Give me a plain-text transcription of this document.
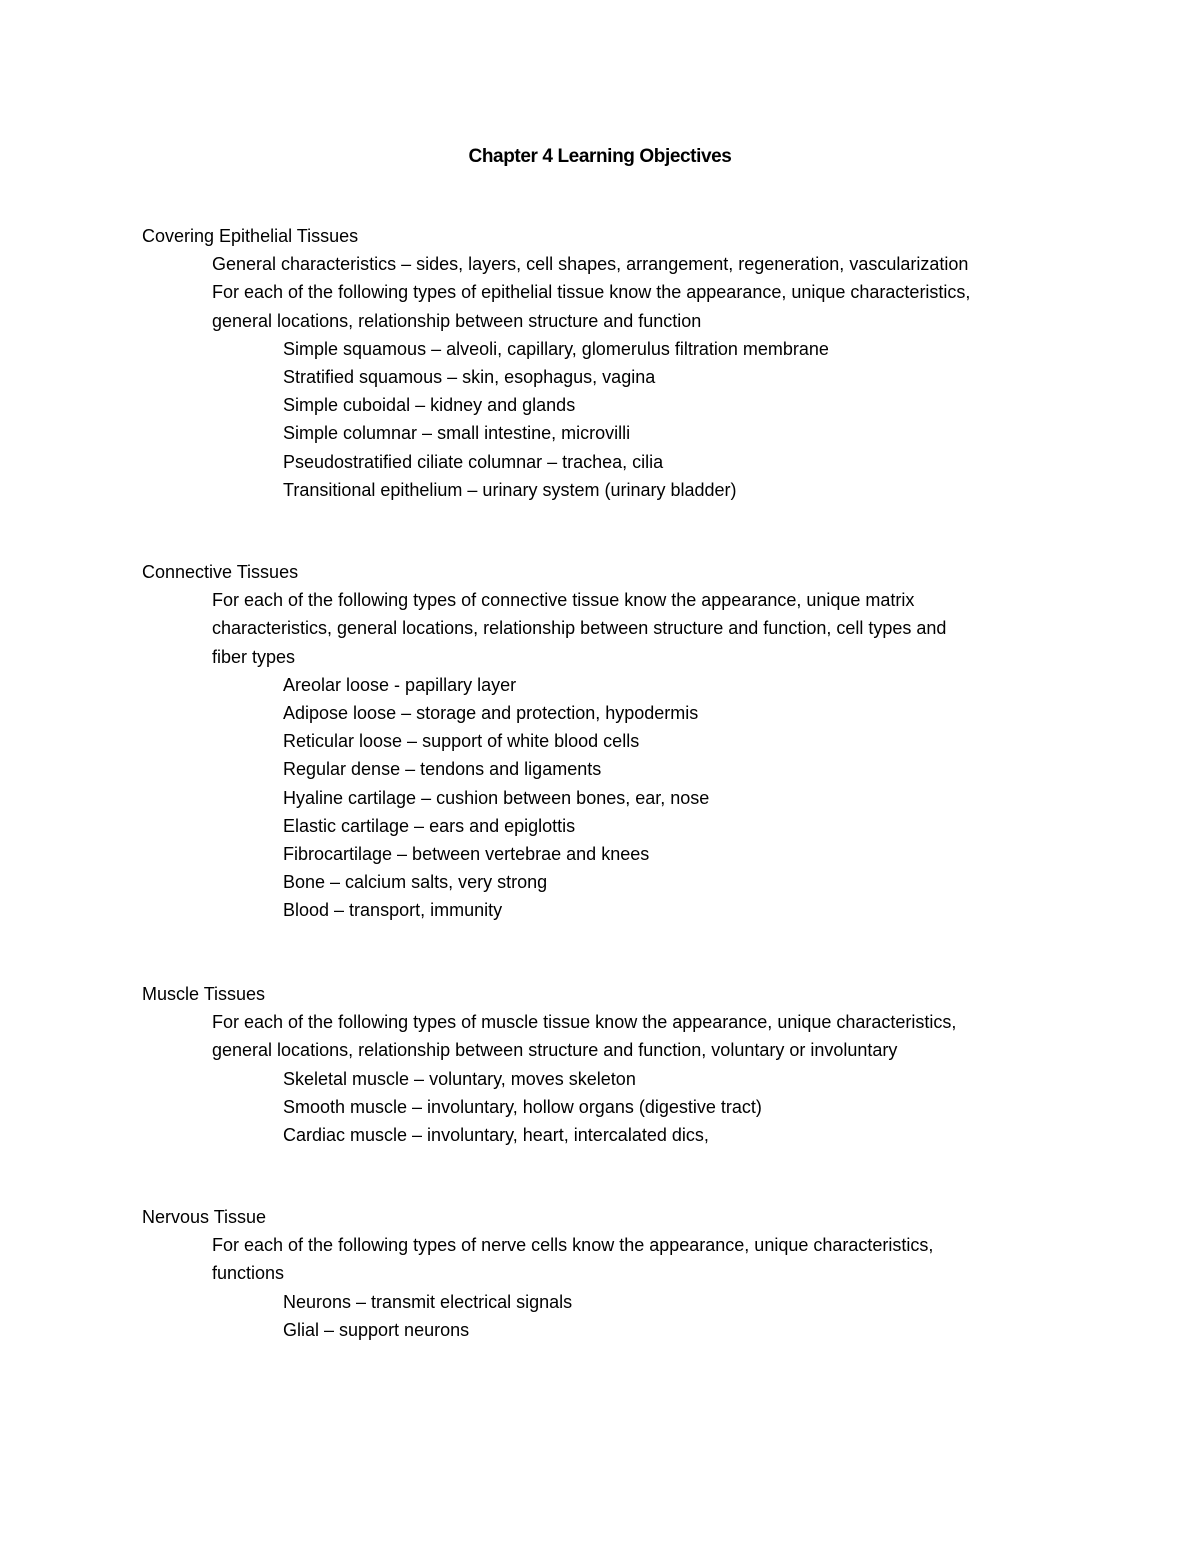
Chapter 4 Learning Objectives

Covering Epithelial Tissues

General characteristics – sides, layers, cell shapes, arrangement, regeneration, vascularization
For each of the following types of epithelial tissue know the appearance, unique characteristics,
general locations, relationship between structure and function
Simple squamous – alveoli, capillary, glomerulus filtration membrane
Stratified squamous – skin, esophagus, vagina
Simple cuboidal – kidney and glands
Simple columnar – small intestine, microvilli
Pseudostratified ciliate columnar – trachea, cilia
Transitional epithelium – urinary system (urinary bladder)

Connective Tissues

For each of the following types of connective tissue know the appearance, unique matrix
characteristics, general locations, relationship between structure and function, cell types and
fiber types
Areolar loose - papillary layer
Adipose loose – storage and protection, hypodermis
Reticular loose – support of white blood cells
Regular dense – tendons and ligaments
Hyaline cartilage – cushion between bones, ear, nose
Elastic cartilage – ears and epiglottis
Fibrocartilage – between vertebrae and knees
Bone – calcium salts, very strong
Blood – transport, immunity

Muscle Tissues

For each of the following types of muscle tissue know the appearance, unique characteristics,
general locations, relationship between structure and function, voluntary or involuntary
Skeletal muscle – voluntary, moves skeleton
Smooth muscle – involuntary, hollow organs (digestive tract)
Cardiac muscle – involuntary, heart, intercalated dics,

Nervous Tissue

For each of the following types of nerve cells know the appearance, unique characteristics,
functions
Neurons – transmit electrical signals
Glial – support neurons
